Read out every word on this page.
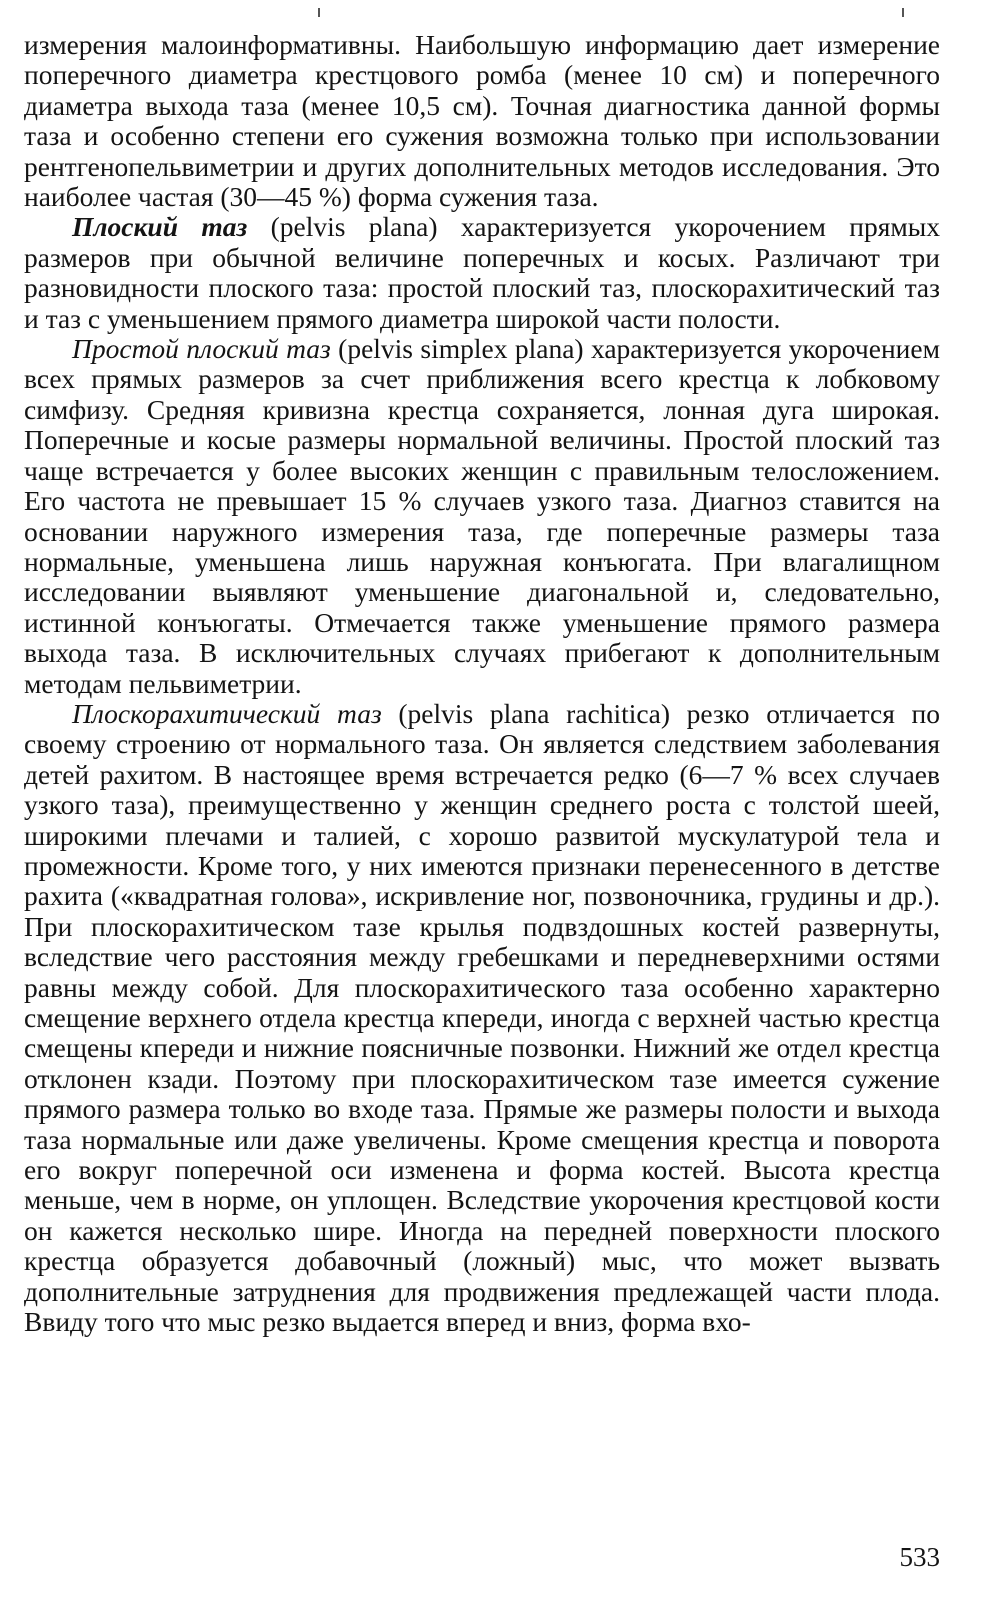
измерения малоинформативны. Наибольшую информацию дает измерение поперечного диаметра крестцового ромба (менее 10 см) и поперечного диаметра выхода таза (менее 10,5 см). Точная диагностика данной формы таза и особенно степени его сужения возможна только при использовании рентгенопельвиметрии и других дополнительных методов исследования. Это наиболее частая (30—45 %) форма сужения таза.

Плоский таз (pelvis plana) характеризуется укорочением прямых размеров при обычной величине поперечных и косых. Различают три разновидности плоского таза: простой плоский таз, плоскорахитический таз и таз с уменьшением прямого диаметра широкой части полости.

Простой плоский таз (pelvis simplex plana) характеризуется укорочением всех прямых размеров за счет приближения всего крестца к лобковому симфизу. Средняя кривизна крестца сохраняется, лонная дуга широкая. Поперечные и косые размеры нормальной величины. Простой плоский таз чаще встречается у более высоких женщин с правильным телосложением. Его частота не превышает 15 % случаев узкого таза. Диагноз ставится на основании наружного измерения таза, где поперечные размеры таза нормальные, уменьшена лишь наружная конъюгата. При влагалищном исследовании выявляют уменьшение диагональной и, следовательно, истинной конъюгаты. Отмечается также уменьшение прямого размера выхода таза. В исключительных случаях прибегают к дополнительным методам пельвиметрии.

Плоскорахитический таз (pelvis plana rachitica) резко отличается по своему строению от нормального таза. Он является следствием заболевания детей рахитом. В настоящее время встречается редко (6—7 % всех случаев узкого таза), преимущественно у женщин среднего роста с толстой шеей, широкими плечами и талией, с хорошо развитой мускулатурой тела и промежности. Кроме того, у них имеются признаки перенесенного в детстве рахита («квадратная голова», искривление ног, позвоночника, грудины и др.). При плоскорахитическом тазе крылья подвздошных костей развернуты, вследствие чего расстояния между гребешками и передневерхними остями равны между собой. Для плоскорахитического таза особенно характерно смещение верхнего отдела крестца кпереди, иногда с верхней частью крестца смещены кпереди и нижние поясничные позвонки. Нижний же отдел крестца отклонен кзади. Поэтому при плоскорахитическом тазе имеется сужение прямого размера только во входе таза. Прямые же размеры полости и выхода таза нормальные или даже увеличены. Кроме смещения крестца и поворота его вокруг поперечной оси изменена и форма костей. Высота крестца меньше, чем в норме, он уплощен. Вследствие укорочения крестцовой кости он кажется несколько шире. Иногда на передней поверхности плоского крестца образуется добавочный (ложный) мыс, что может вызвать дополнительные затруднения для продвижения предлежащей части плода. Ввиду того что мыс резко выдается вперед и вниз, форма вхо-

533
